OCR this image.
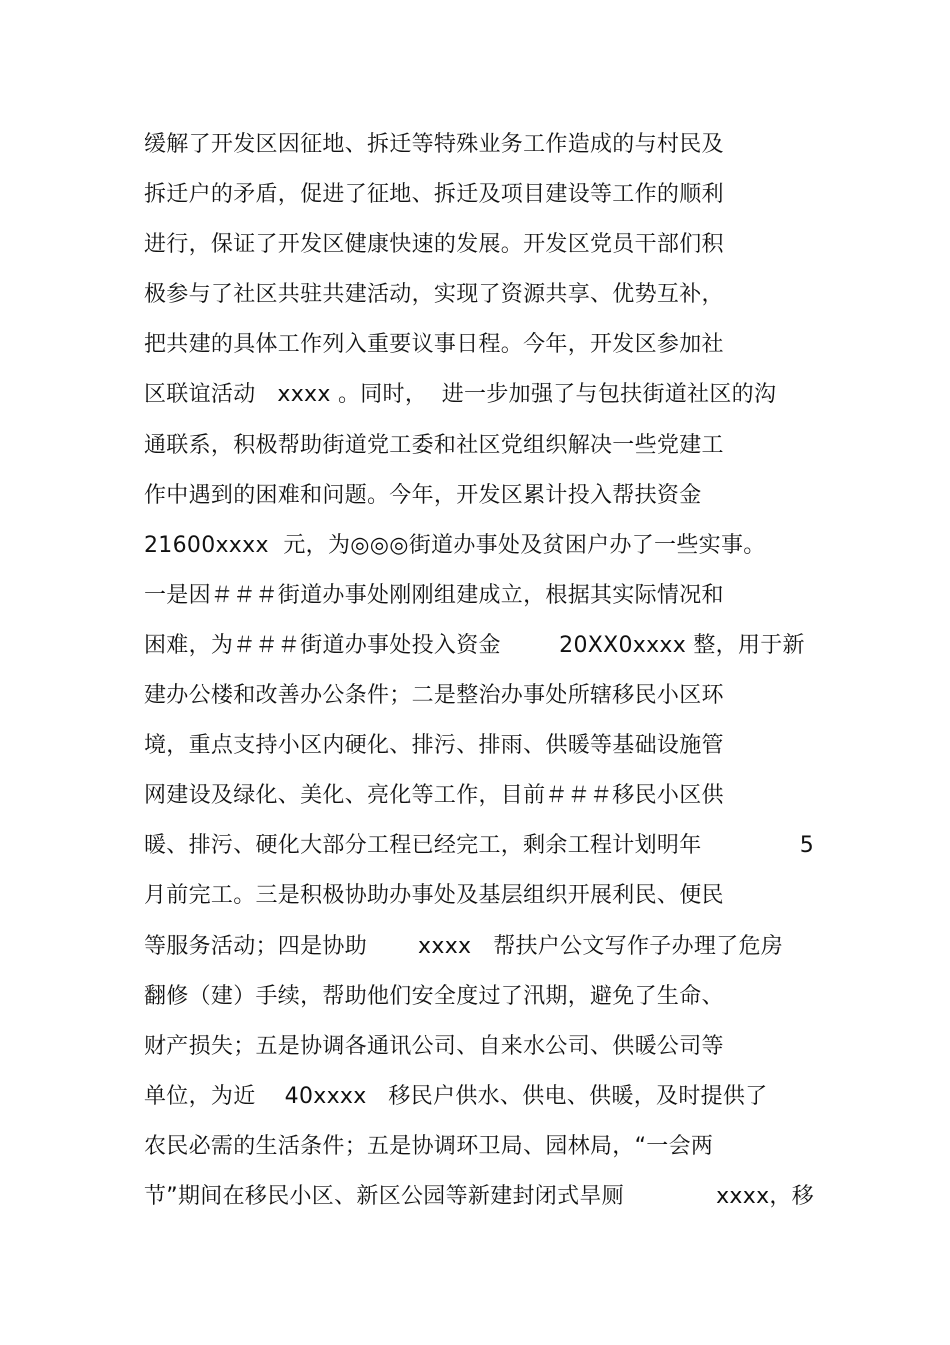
缓解了开发区因征地、拆迁等特殊业务工作造成的与村民及
拆迁户的矛盾，促进了征地、拆迁及项目建设等工作的顺利
进行，保证了开发区健康快速的发展。开发区党员干部们积
极参与了社区共驻共建活动，实现了资源共享、优势互补，
把共建的具体工作列入重要议事日程。今年，开发区参加社
区联谊活动   xxxx 。同时，  进一步加强了与包扶街道社区的沟
通联系，积极帮助街道党工委和社区党组织解决一些党建工
作中遇到的困难和问题。今年，开发区累计投入帮扶资金
21600xxxx  元，为◎◎◎街道办事处及贫困户办了一些实事。
一是因＃＃＃街道办事处刚刚组建成立，根据其实际情况和
困难，为＃＃＃街道办事处投入资金        20XX0xxxx 整，用于新
建办公楼和改善办公条件；二是整治办事处所辖移民小区环
境，重点支持小区内硬化、排污、排雨、供暖等基础设施管
网建设及绿化、美化、亮化等工作，目前＃＃＃移民小区供
暖、排污、硬化大部分工程已经完工，剩余工程计划明年	5
月前完工。三是积极协助办事处及基层组织开展利民、便民
等服务活动；四是协助       xxxx   帮扶户公文写作子办理了危房
翻修（建）手续，帮助他们安全度过了汛期，避免了生命、
财产损失；五是协调各通讯公司、自来水公司、供暖公司等
单位，为近    40xxxx   移民户供水、供电、供暖，及时提供了
农民必需的生活条件；五是协调环卫局、园林局，“一会两
节”期间在移民小区、新区公园等新建封闭式旱厕	xxxx，移
